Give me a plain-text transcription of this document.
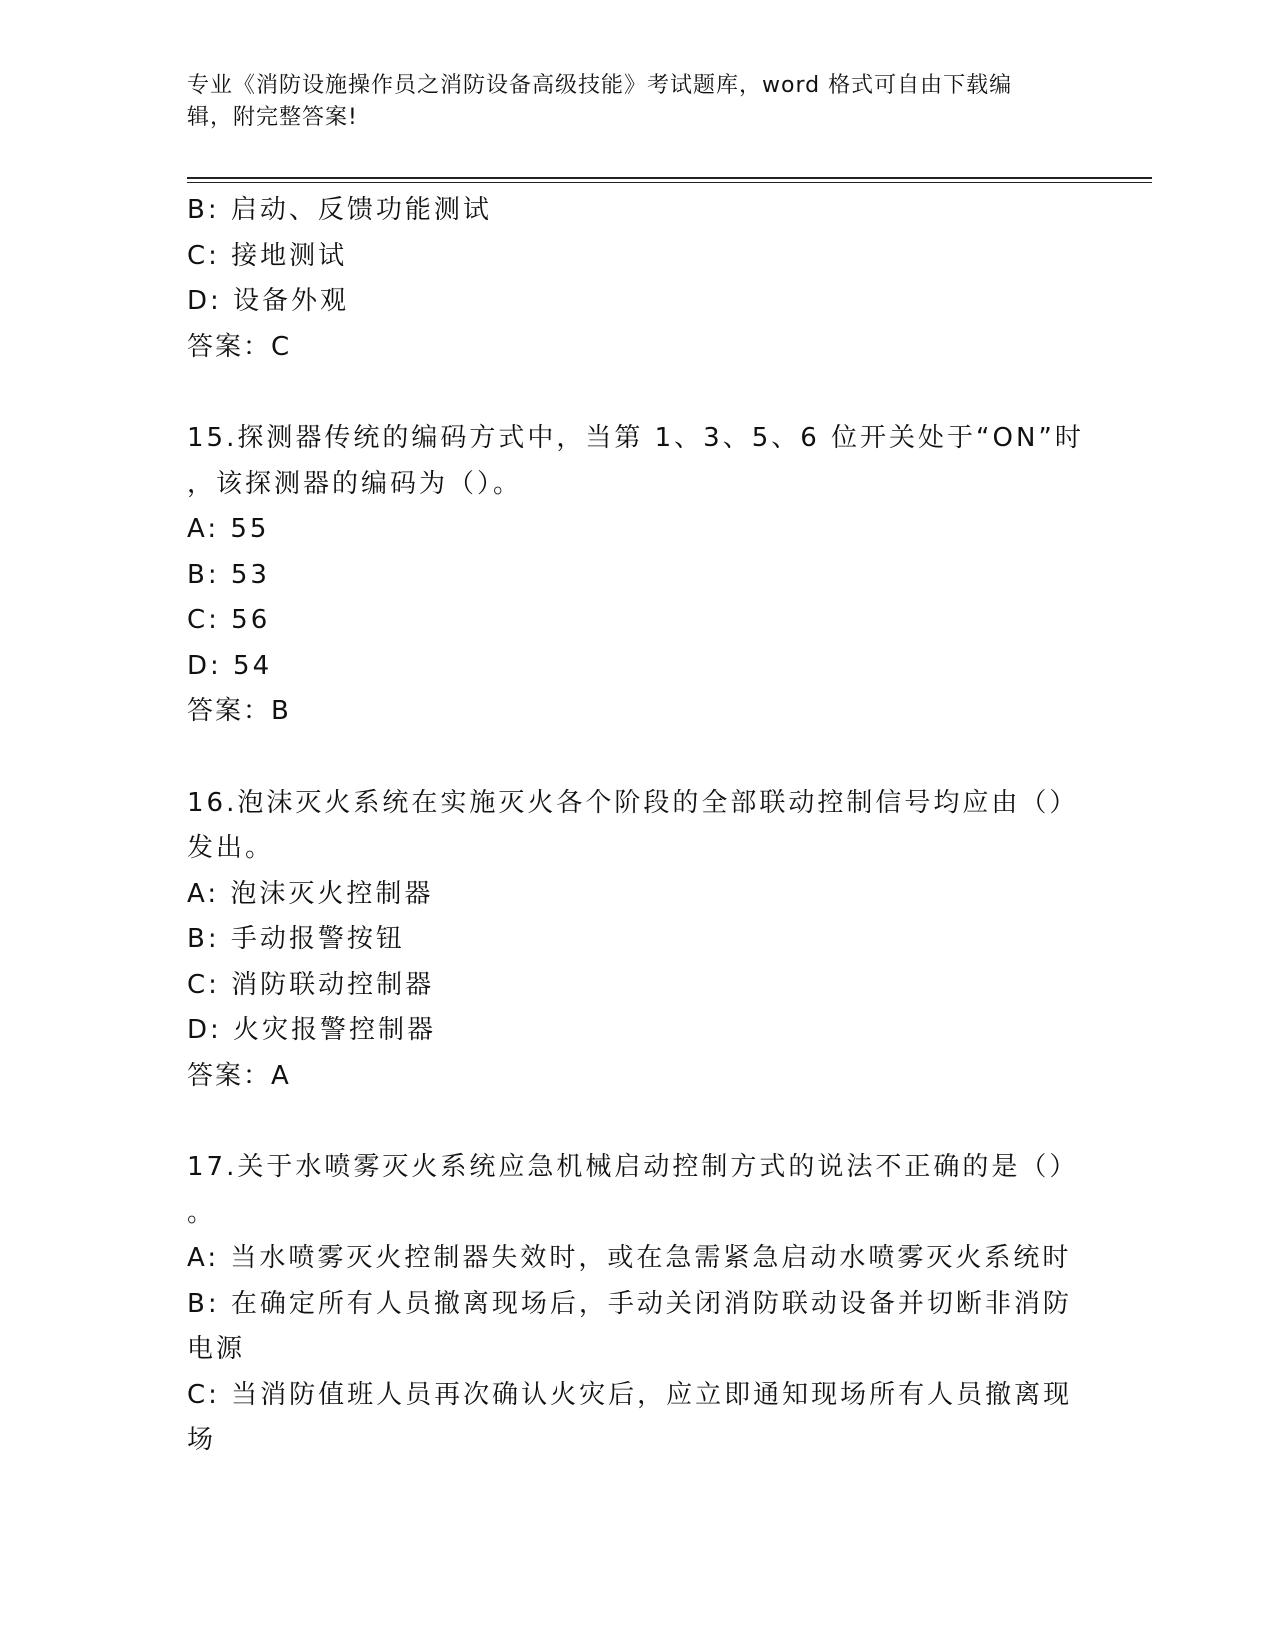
专业《消防设施操作员之消防设备高级技能》考试题库，word 格式可自由下载编
辑，附完整答案!
B: 启动、反馈功能测试
C: 接地测试
D: 设备外观
答案：C
15.探测器传统的编码方式中，当第 1、3、5、6 位开关处于“ON”时
，该探测器的编码为（）。
A: 55
B: 53
C: 56
D: 54
答案：B
16.泡沫灭火系统在实施灭火各个阶段的全部联动控制信号均应由（）
发出。
A: 泡沫灭火控制器
B: 手动报警按钮
C: 消防联动控制器
D: 火灾报警控制器
答案：A
17.关于水喷雾灭火系统应急机械启动控制方式的说法不正确的是（）
。
A: 当水喷雾灭火控制器失效时，或在急需紧急启动水喷雾灭火系统时
B: 在确定所有人员撤离现场后，手动关闭消防联动设备并切断非消防
电源
C: 当消防值班人员再次确认火灾后，应立即通知现场所有人员撤离现
场
